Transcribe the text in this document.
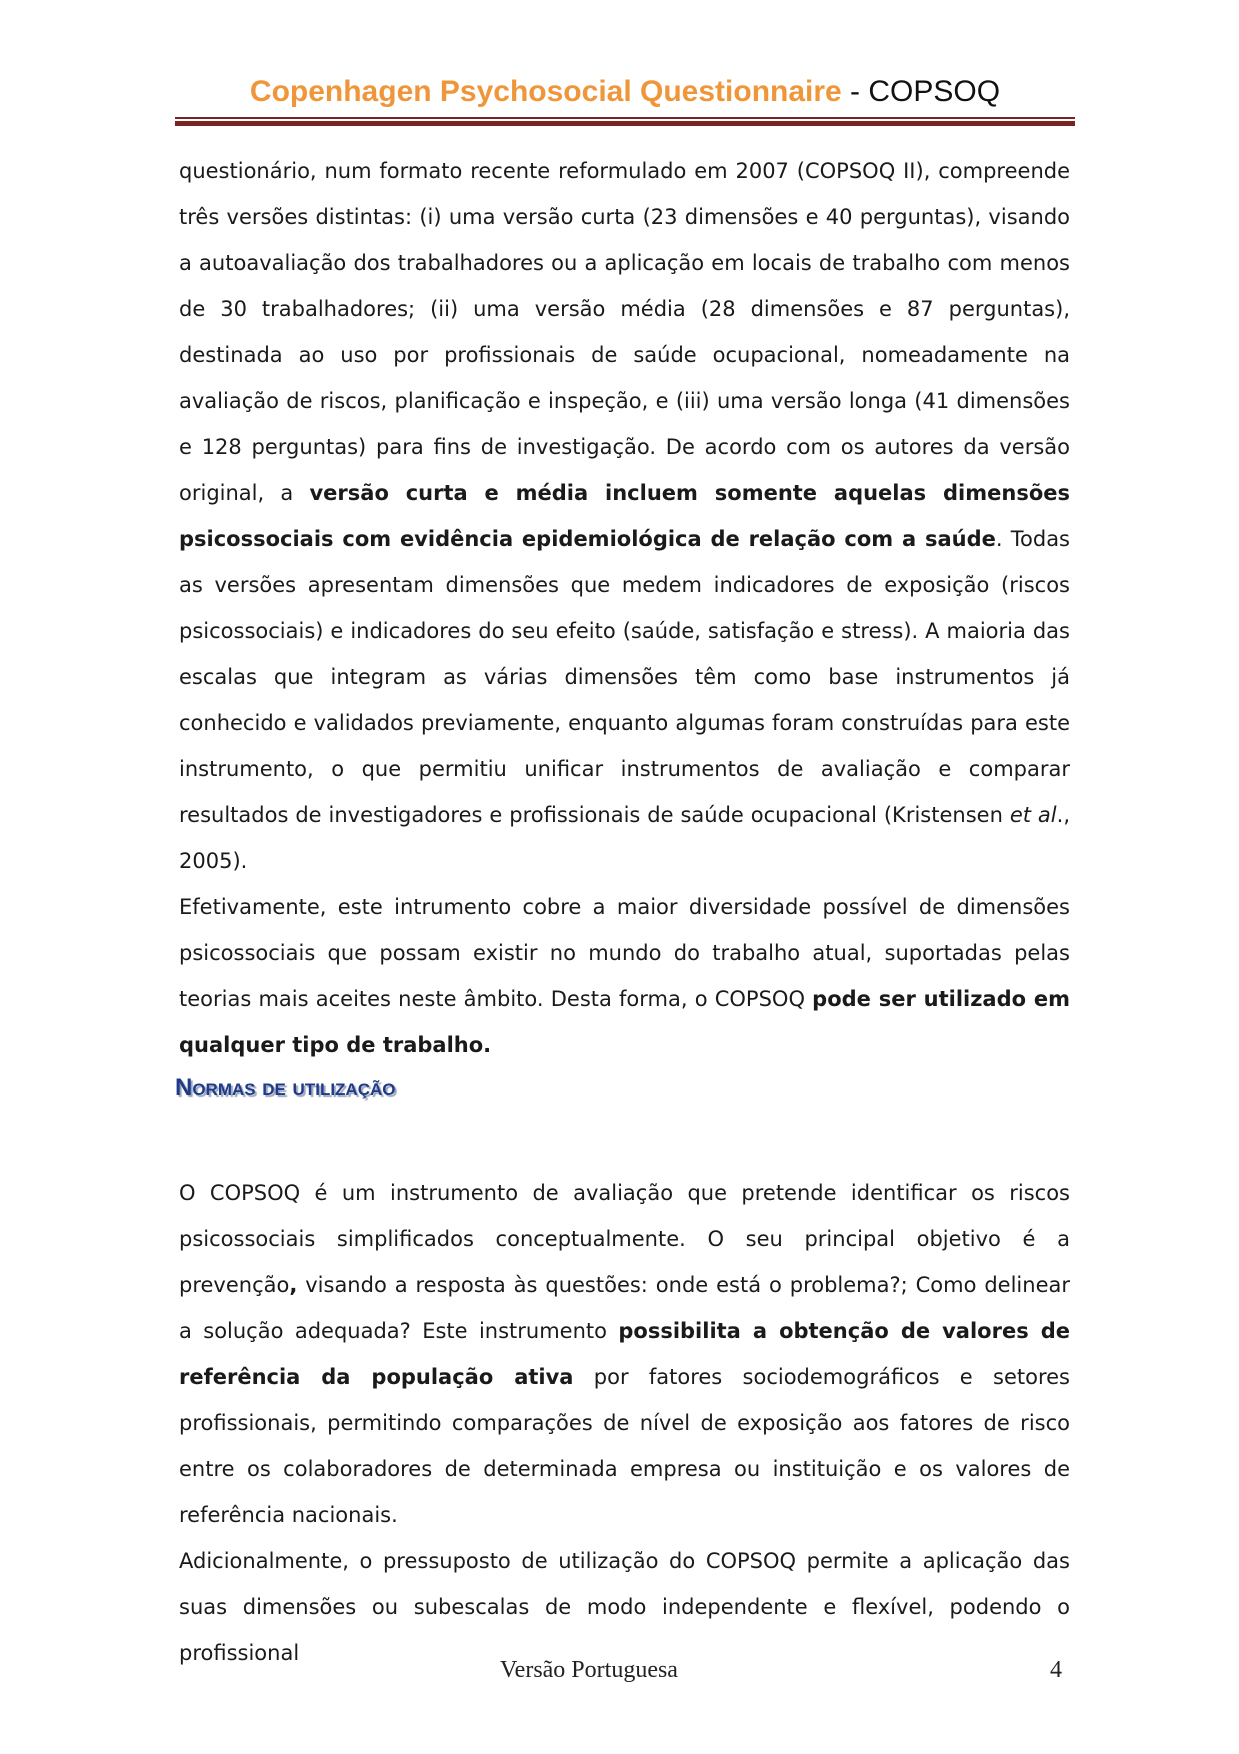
Copenhagen Psychosocial Questionnaire - COPSOQ

questionário, num formato recente reformulado em 2007 (COPSOQ II), compreende três versões distintas: (i) uma versão curta (23 dimensões e 40 perguntas), visando a autoavaliação dos trabalhadores ou a aplicação em locais de trabalho com menos de 30 trabalhadores; (ii) uma versão média (28 dimensões e 87 perguntas), destinada ao uso por profissionais de saúde ocupacional, nomeadamente na avaliação de riscos, planificação e inspeção, e (iii) uma versão longa (41 dimensões e 128 perguntas) para fins de investigação. De acordo com os autores da versão original, a versão curta e média incluem somente aquelas dimensões psicossociais com evidência epidemiológica de relação com a saúde. Todas as versões apresentam dimensões que medem indicadores de exposição (riscos psicossociais) e indicadores do seu efeito (saúde, satisfação e stress). A maioria das escalas que integram as várias dimensões têm como base instrumentos já conhecido e validados previamente, enquanto algumas foram construídas para este instrumento, o que permitiu unificar instrumentos de avaliação e comparar resultados de investigadores e profissionais de saúde ocupacional (Kristensen et al., 2005).

Efetivamente, este intrumento cobre a maior diversidade possível de dimensões psicossociais que possam existir no mundo do trabalho atual, suportadas pelas teorias mais aceites neste âmbito. Desta forma, o COPSOQ pode ser utilizado em qualquer tipo de trabalho.

Normas de utilização

O COPSOQ é um instrumento de avaliação que pretende identificar os riscos psicossociais simplificados conceptualmente. O seu principal objetivo é a prevenção, visando a resposta às questões: onde está o problema?; Como delinear a solução adequada? Este instrumento possibilita a obtenção de valores de referência da população ativa por fatores sociodemográficos e setores profissionais, permitindo comparações de nível de exposição aos fatores de risco entre os colaboradores de determinada empresa ou instituição e os valores de referência nacionais.

Adicionalmente, o pressuposto de utilização do COPSOQ permite a aplicação das suas dimensões ou subescalas de modo independente e flexível, podendo o profissional

Versão Portuguesa	4
